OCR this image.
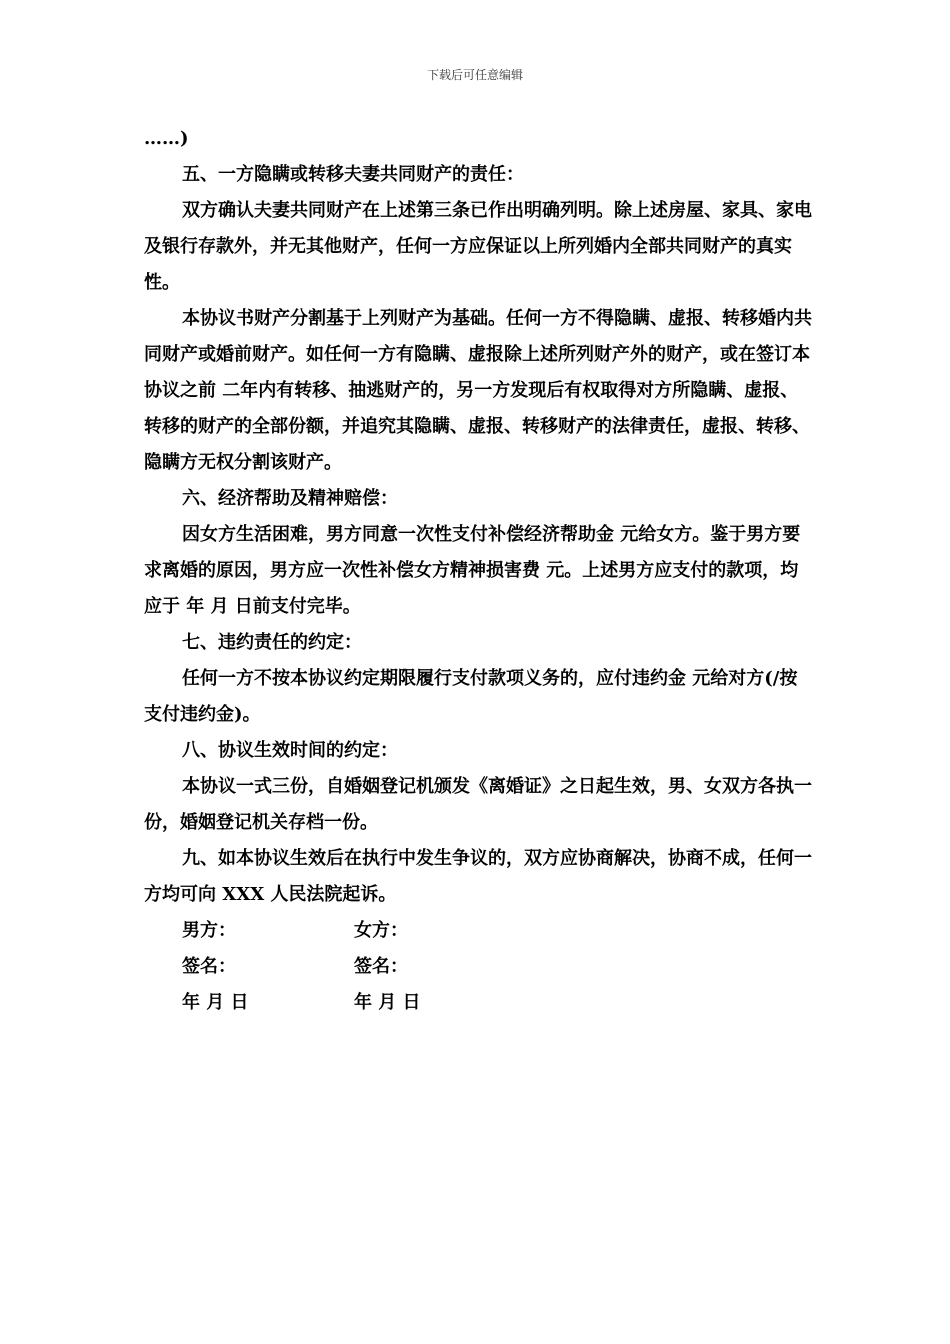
下载后可任意编辑

……)

五、一方隐瞒或转移夫妻共同财产的责任：

双方确认夫妻共同财产在上述第三条已作出明确列明。除上述房屋、家具、家电及银行存款外，并无其他财产，任何一方应保证以上所列婚内全部共同财产的真实性。

本协议书财产分割基于上列财产为基础。任何一方不得隐瞒、虚报、转移婚内共同财产或婚前财产。如任何一方有隐瞒、虚报除上述所列财产外的财产，或在签订本协议之前 二年内有转移、抽逃财产的，另一方发现后有权取得对方所隐瞒、虚报、转移的财产的全部份额，并追究其隐瞒、虚报、转移财产的法律责任，虚报、转移、隐瞒方无权分割该财产。

六、经济帮助及精神赔偿：

因女方生活困难，男方同意一次性支付补偿经济帮助金 元给女方。鉴于男方要求离婚的原因，男方应一次性补偿女方精神损害费 元。上述男方应支付的款项，均应于 年 月 日前支付完毕。

七、违约责任的约定：

任何一方不按本协议约定期限履行支付款项义务的，应付违约金 元给对方(/按 支付违约金)。

八、协议生效时间的约定：

本协议一式三份，自婚姻登记机颁发《离婚证》之日起生效，男、女双方各执一份，婚姻登记机关存档一份。

九、如本协议生效后在执行中发生争议的，双方应协商解决，协商不成，任何一方均可向 XXX 人民法院起诉。

男方：	女方：
签名：	签名：
年 月 日	年 月 日
